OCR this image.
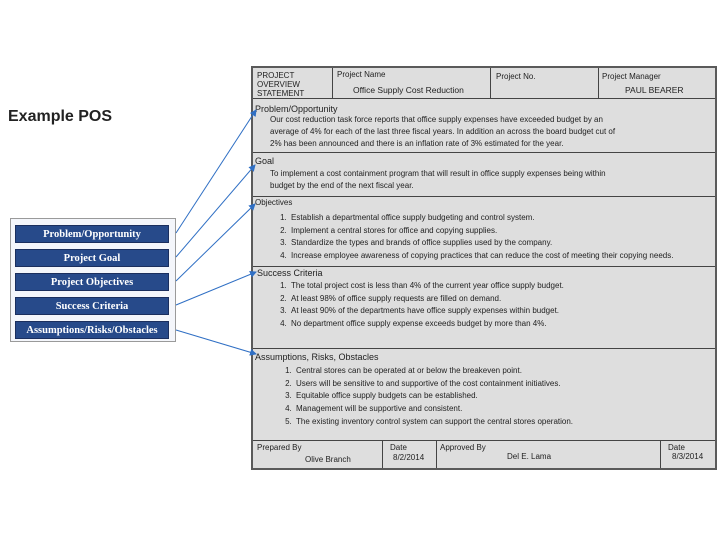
Example POS
Problem/Opportunity
Project Goal
Project Objectives
Success Criteria
Assumptions/Risks/Obstacles
PROJECT
OVERVIEW
STATEMENT
Project Name
Office Supply Cost Reduction
Project No.	Project Manager
PAUL BEARER
Problem/Opportunity
Our cost reduction task force reports that office supply expenses have exceeded budget by an
average of 4% for each of the last three fiscal years. In addition an across the board budget cut of
2% has been announced and there is an inflation rate of 3% estimated for the year.
Goal
To implement a cost containment program that will result in office supply expenses being within
budget by the end of the next fiscal year.
Objectives
1. Establish a departmental office supply budgeting and control system.
2. Implement a central stores for office and copying supplies.
3. Standardize the types and brands of office supplies used by the company.
4. Increase employee awareness of copying practices that can reduce the cost of meeting their copying needs.
Success Criteria
1. The total project cost is less than 4% of the current year office supply budget.
2. At least 98% of office supply requests are filled on demand.
3. At least 90% of the departments have office supply expenses within budget.
4. No department office supply expense exceeds budget by more than 4%.
Assumptions, Risks, Obstacles
1. Central stores can be operated at or below the breakeven point.
2. Users will be sensitive to and supportive of the cost containment initiatives.
3. Equitable office supply budgets can be established.
4. Management will be supportive and consistent.
5. The existing inventory control system can support the central stores operation.
Prepared By
Olive Branch
Date
8/2/2014
Approved By
Del E. Lama
Date
8/3/2014
